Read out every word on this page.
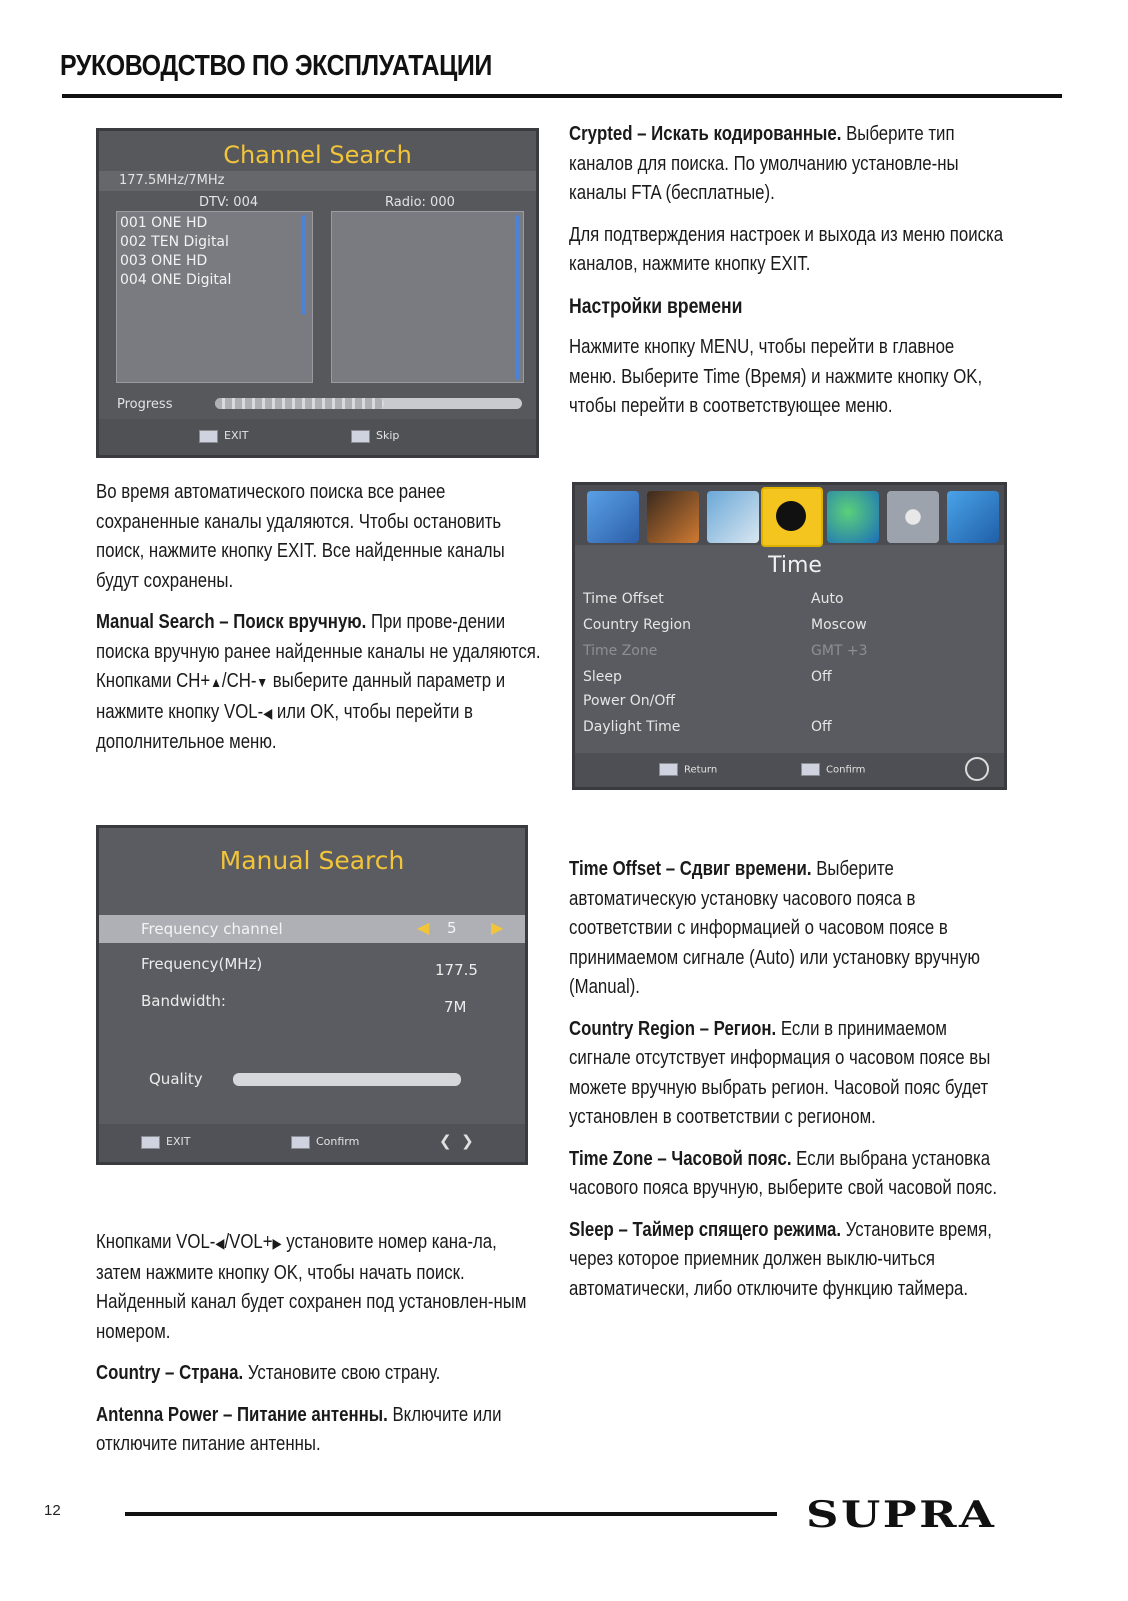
РУКОВОДСТВО ПО ЭКСПЛУАТАЦИИ
Channel Search
177.5MHz/7MHz
DTV: 004	Radio: 000
001 ONE HD
002 TEN Digital
003 ONE HD
004 ONE Digital
Progress
EXIT	Skip

Во время автоматического поиска все ранее сохраненные каналы удаляются. Чтобы остановить поиск, нажмите кнопку EXIT. Все найденные каналы будут сохранены.

Manual Search – Поиск вручную. При прове-дении поиска вручную ранее найденные каналы не удаляются. Кнопками CH+▲/CH-▼ выберите данный параметр и нажмите кнопку VOL-◀ или OK, чтобы перейти в дополнительное меню.

Time
Time Offset	Auto
Country Region	Moscow
Time Zone	GMT +3
Sleep	Off
Power On/Off
Daylight Time	Off
Return	Confirm

Crypted – Искать кодированные. Выберите тип каналов для поиска. По умолчанию установле-ны каналы FTA (бесплатные).

Для подтверждения настроек и выхода из меню поиска каналов, нажмите кнопку EXIT.

Настройки времени

Нажмите кнопку MENU, чтобы перейти в главное меню. Выберите Time (Время) и нажмите кнопку OK, чтобы перейти в соответствующее меню.

Manual Search
Frequency channel	◀ 5 ▶
Frequency(MHz)	177.5
Bandwidth:	7M
Quality
EXIT	Confirm	❮  ❯

Time Offset – Сдвиг времени. Выберите автоматическую установку часового пояса в соответствии с информацией о часовом поясе в принимаемом сигнале (Auto) или установку вручную (Manual).

Country Region – Регион. Если в принимаемом сигнале отсутствует информация о часовом поясе вы можете вручную выбрать регион. Часовой пояс будет установлен в соответствии с регионом.

Time Zone – Часовой пояс. Если выбрана установка часового пояса вручную, выберите свой часовой пояс.

Sleep – Таймер спящего режима. Установите время, через которое приемник должен выклю-читься автоматически, либо отключите функцию таймера.

Кнопками VOL-◀/VOL+▶ установите номер кана-ла, затем нажмите кнопку OK, чтобы начать поиск. Найденный канал будет сохранен под установлен-ным номером.

Country – Страна. Установите свою страну.

Antenna Power – Питание антенны. Включите или отключите питание антенны.

12	SUPRA
